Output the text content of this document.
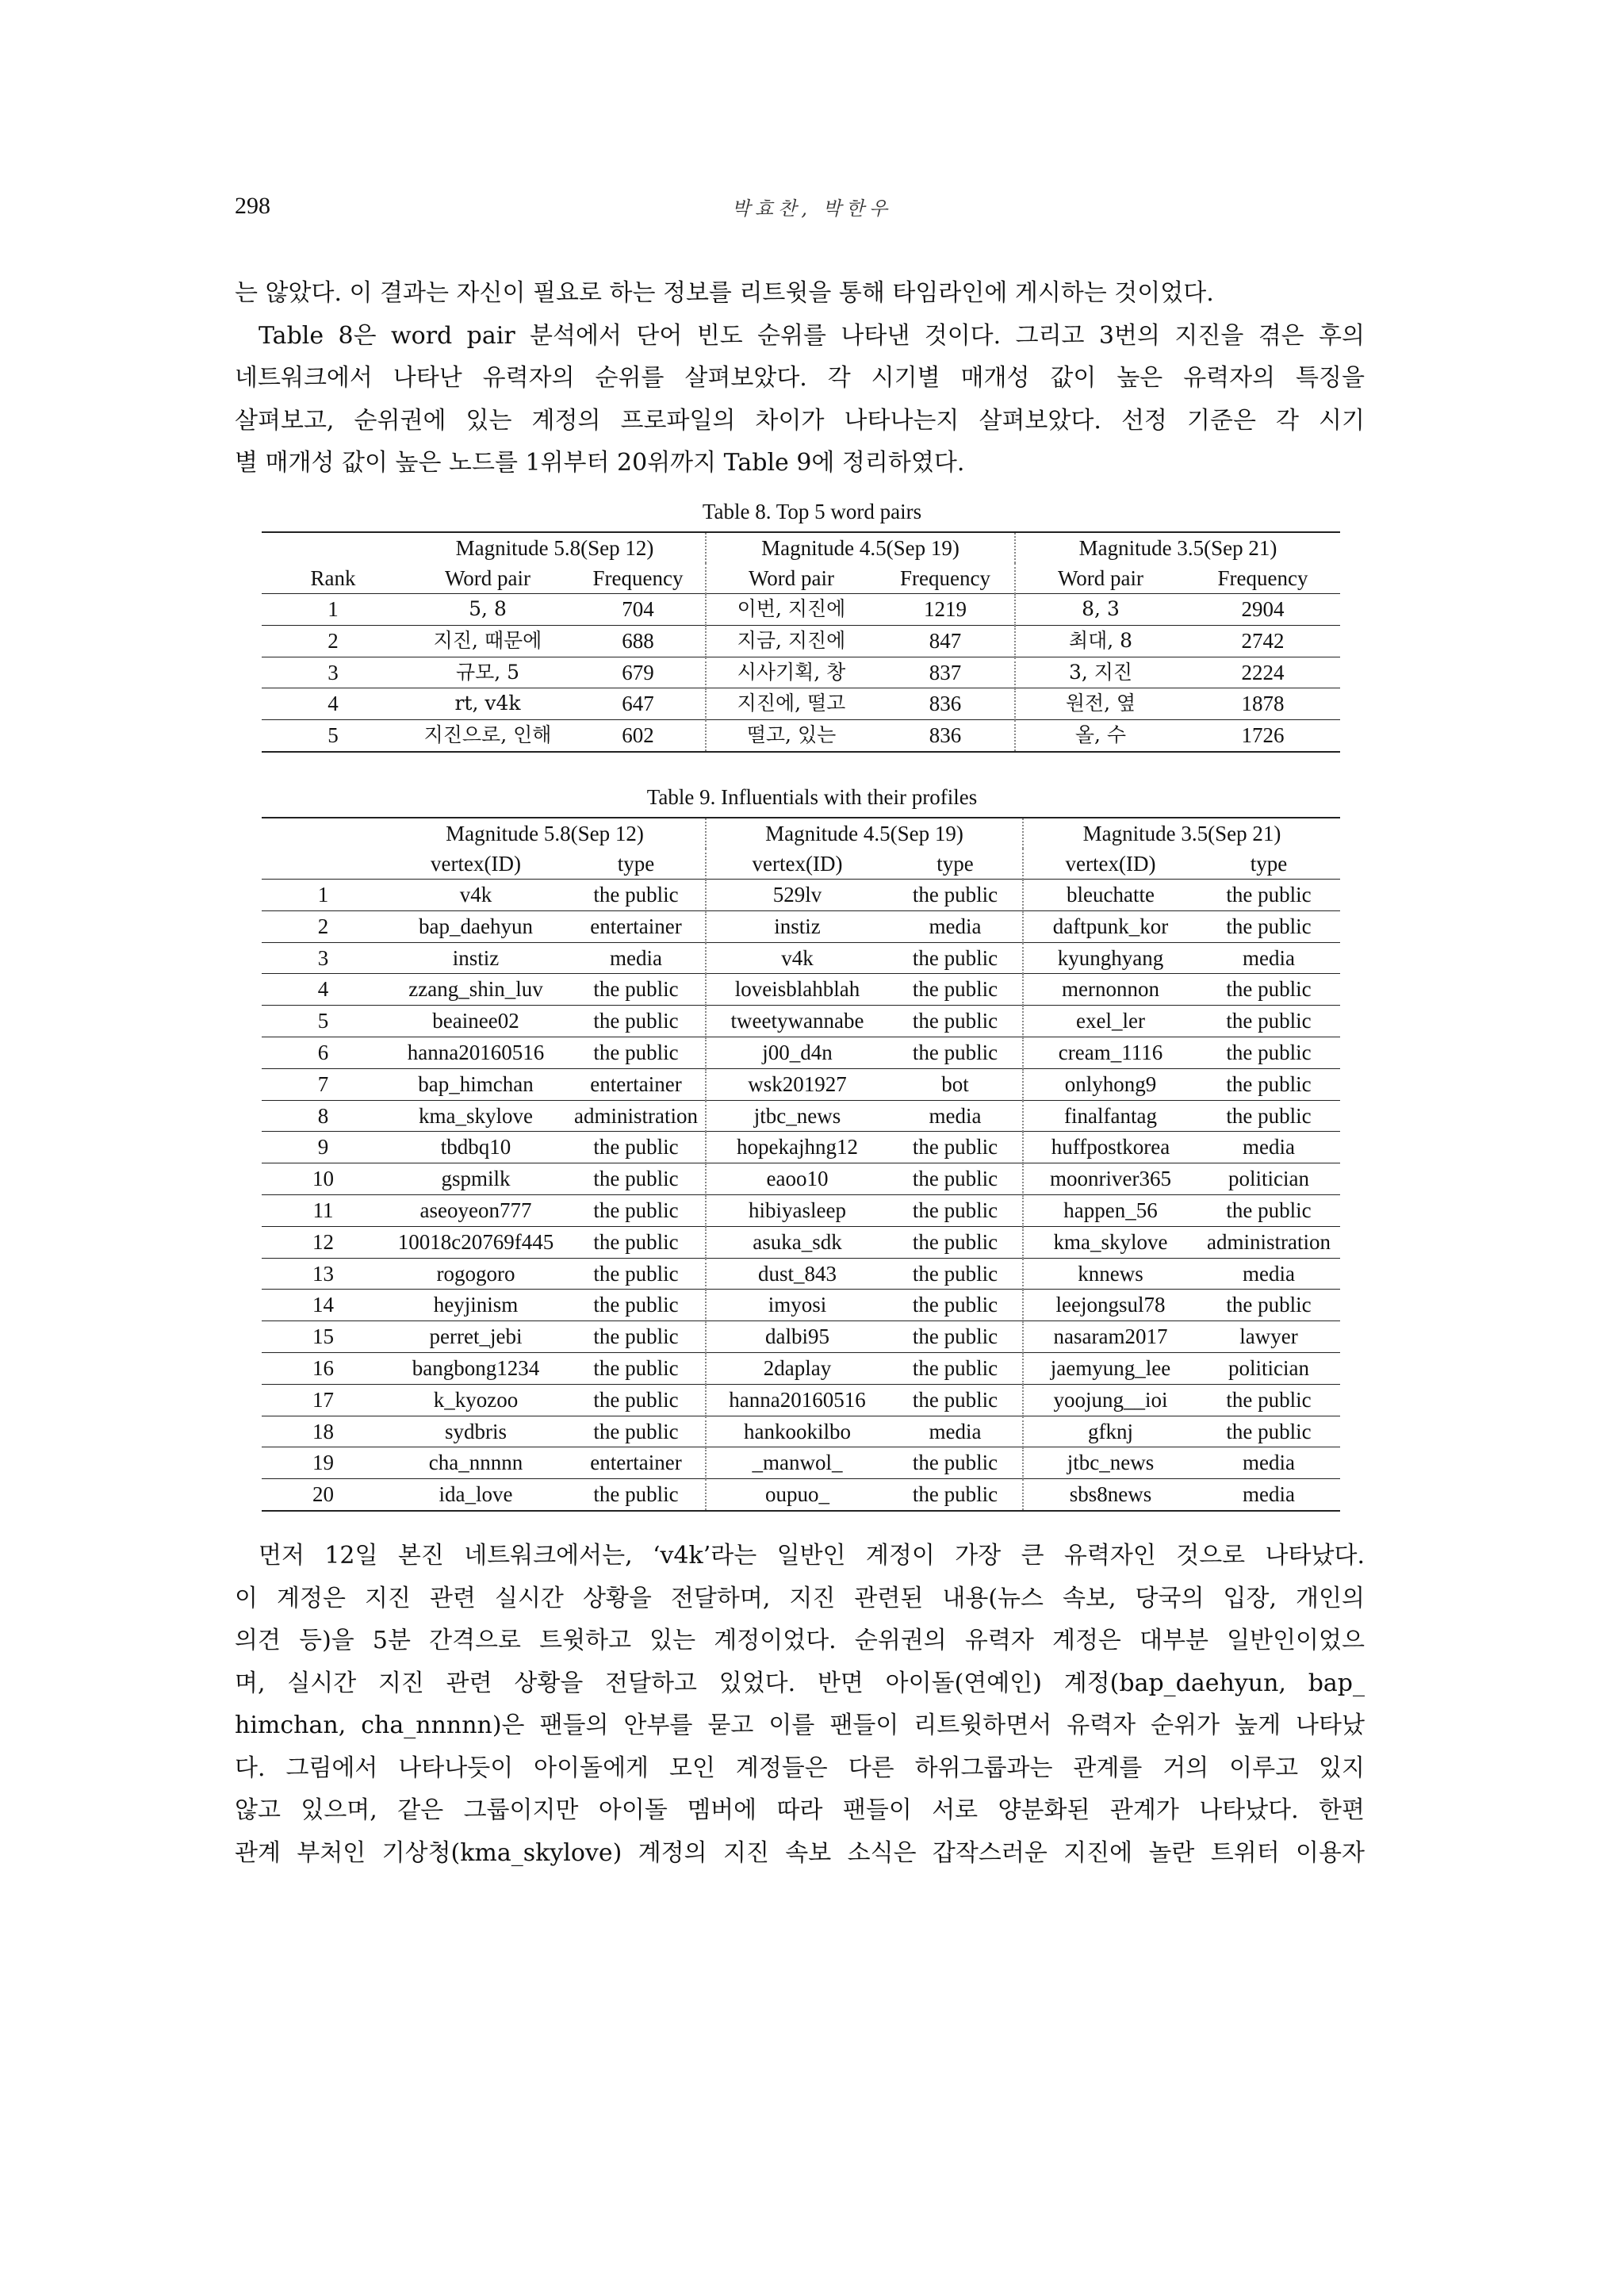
298	박효찬, 박한우
는 않았다. 이 결과는 자신이 필요로 하는 정보를 리트윗을 통해 타임라인에 게시하는 것이었다.
Table 8은 word pair 분석에서 단어 빈도 순위를 나타낸 것이다. 그리고 3번의 지진을 겪은 후의
네트워크에서 나타난 유력자의 순위를 살펴보았다. 각 시기별 매개성 값이 높은 유력자의 특징을
살펴보고, 순위권에 있는 계정의 프로파일의 차이가 나타나는지 살펴보았다. 선정 기준은 각 시기
별 매개성 값이 높은 노드를 1위부터 20위까지 Table 9에 정리하였다.
Table 8. Top 5 word pairs
	Magnitude 5.8(Sep 12)		Magnitude 4.5(Sep 19)		Magnitude 3.5(Sep 21)	
Rank	Word pair	Frequency	Word pair	Frequency	Word pair	Frequency
1	5, 8	704	이번, 지진에	1219	8, 3	2904
2	지진, 때문에	688	지금, 지진에	847	최대, 8	2742
3	규모, 5	679	시사기획, 창	837	3, 지진	2224
4	rt, v4k	647	지진에, 떨고	836	원전, 옆	1878
5	지진으로, 인해	602	떨고, 있는	836	올, 수	1726
Table 9. Influentials with their profiles
	Magnitude 5.8(Sep 12)		Magnitude 4.5(Sep 19)		Magnitude 3.5(Sep 21)	
	vertex(ID)	type	vertex(ID)	type	vertex(ID)	type
1	v4k	the public	529lv	the public	bleuchatte	the public
2	bap_daehyun	entertainer	instiz	media	daftpunk_kor	the public
3	instiz	media	v4k	the public	kyunghyang	media
4	zzang_shin_luv	the public	loveisblahblah	the public	mernonnon	the public
5	beainee02	the public	tweetywannabe	the public	exel_ler	the public
6	hanna20160516	the public	j00_d4n	the public	cream_1116	the public
7	bap_himchan	entertainer	wsk201927	bot	onlyhong9	the public
8	kma_skylove	administration	jtbc_news	media	finalfantag	the public
9	tbdbq10	the public	hopekajhng12	the public	huffpostkorea	media
10	gspmilk	the public	eaoo10	the public	moonriver365	politician
11	aseoyeon777	the public	hibiyasleep	the public	happen_56	the public
12	10018c20769f445	the public	asuka_sdk	the public	kma_skylove	administration
13	rogogoro	the public	dust_843	the public	knnews	media
14	heyjinism	the public	imyosi	the public	leejongsul78	the public
15	perret_jebi	the public	dalbi95	the public	nasaram2017	lawyer
16	bangbong1234	the public	2daplay	the public	jaemyung_lee	politician
17	k_kyozoo	the public	hanna20160516	the public	yoojung__ioi	the public
18	sydbris	the public	hankookilbo	media	gfknj	the public
19	cha_nnnnn	entertainer	_manwol_	the public	jtbc_news	media
20	ida_love	the public	oupuo_	the public	sbs8news	media
먼저 12일 본진 네트워크에서는, ‘v4k’라는 일반인 계정이 가장 큰 유력자인 것으로 나타났다.
이 계정은 지진 관련 실시간 상황을 전달하며, 지진 관련된 내용(뉴스 속보, 당국의 입장, 개인의
의견 등)을 5분 간격으로 트윗하고 있는 계정이었다. 순위권의 유력자 계정은 대부분 일반인이었으
며, 실시간 지진 관련 상황을 전달하고 있었다. 반면 아이돌(연예인) 계정(bap_daehyun, bap_
himchan, cha_nnnnn)은 팬들의 안부를 묻고 이를 팬들이 리트윗하면서 유력자 순위가 높게 나타났
다. 그림에서 나타나듯이 아이돌에게 모인 계정들은 다른 하위그룹과는 관계를 거의 이루고 있지
않고 있으며, 같은 그룹이지만 아이돌 멤버에 따라 팬들이 서로 양분화된 관계가 나타났다. 한편
관계 부처인 기상청(kma_skylove) 계정의 지진 속보 소식은 갑작스러운 지진에 놀란 트위터 이용자
